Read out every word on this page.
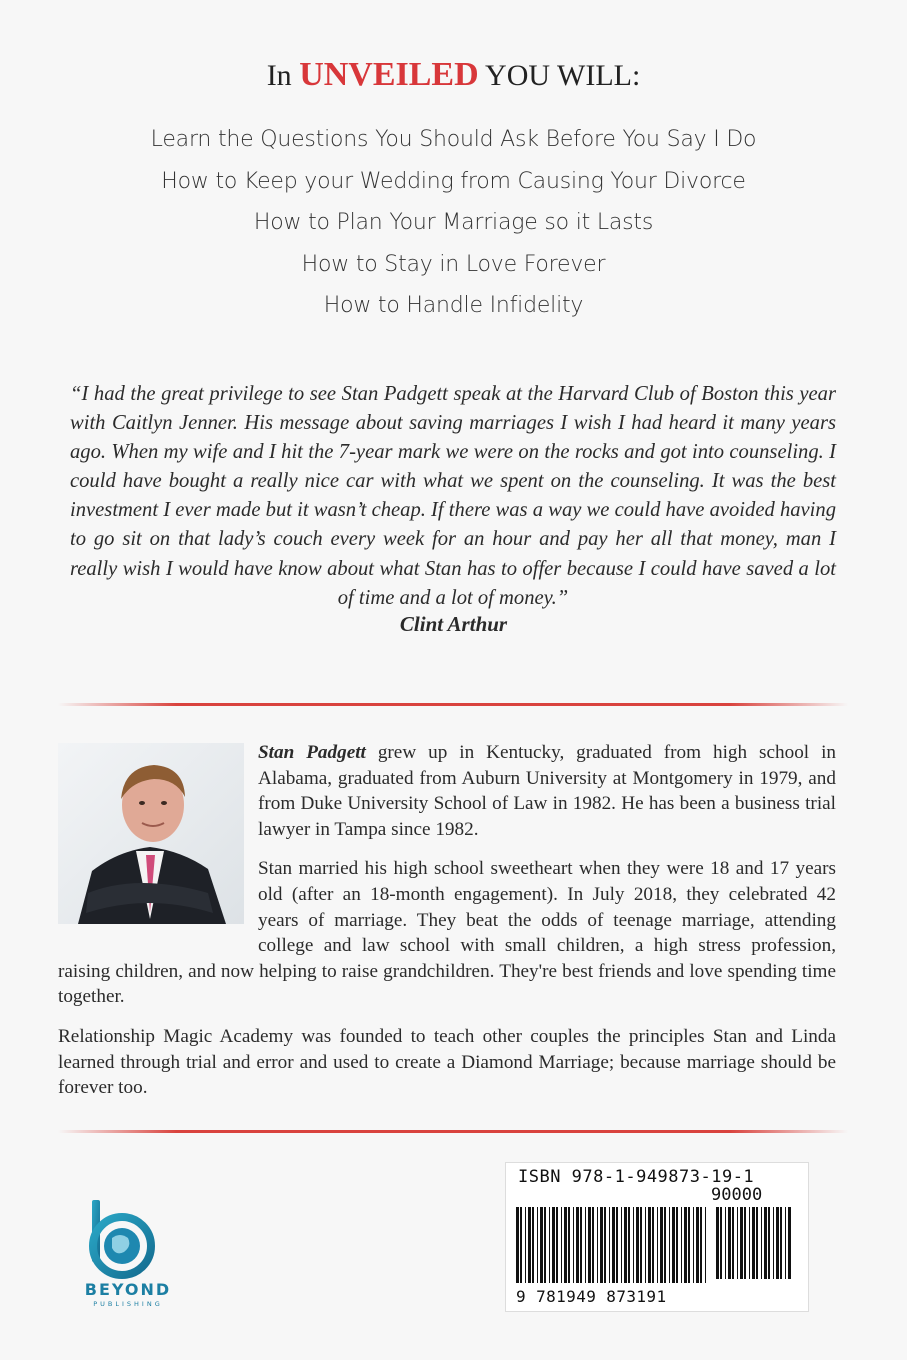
In UNVEILED YOU WILL:
Learn the Questions You Should Ask Before You Say I Do
How to Keep your Wedding from Causing Your Divorce
How to Plan Your Marriage so it Lasts
How to Stay in Love Forever
How to Handle Infidelity

“I had the great privilege to see Stan Padgett speak at the Harvard Club of Boston this year with Caitlyn Jenner. His message about saving marriages I wish I had heard it many years ago. When my wife and I hit the 7-year mark we were on the rocks and got into counseling. I could have bought a really nice car with what we spent on the counseling. It was the best investment I ever made but it wasn’t cheap. If there was a way we could have avoided having to go sit on that lady’s couch every week for an hour and pay her all that money, man I really wish I would have know about what Stan has to offer because I could have saved a lot of time and a lot of money.”

Clint Arthur

Stan Padgett grew up in Kentucky, graduated from high school in Alabama, graduated from Auburn University at Montgomery in 1979, and from Duke University School of Law in 1982. He has been a business trial lawyer in Tampa since 1982.

Stan married his high school sweetheart when they were 18 and 17 years old (after an 18-month engagement). In July 2018, they celebrated 42 years of marriage. They beat the odds of teenage marriage, attending college and law school with small children, a high stress profession, raising children, and now helping to raise grandchildren. They're best friends and love spending time together.

Relationship Magic Academy was founded to teach other couples the principles Stan and Linda learned through trial and error and used to create a Diamond Marriage; because marriage should be forever too.

BEYOND
PUBLISHING
ISBN 978-1-949873-19-1
90000
9 781949 873191
